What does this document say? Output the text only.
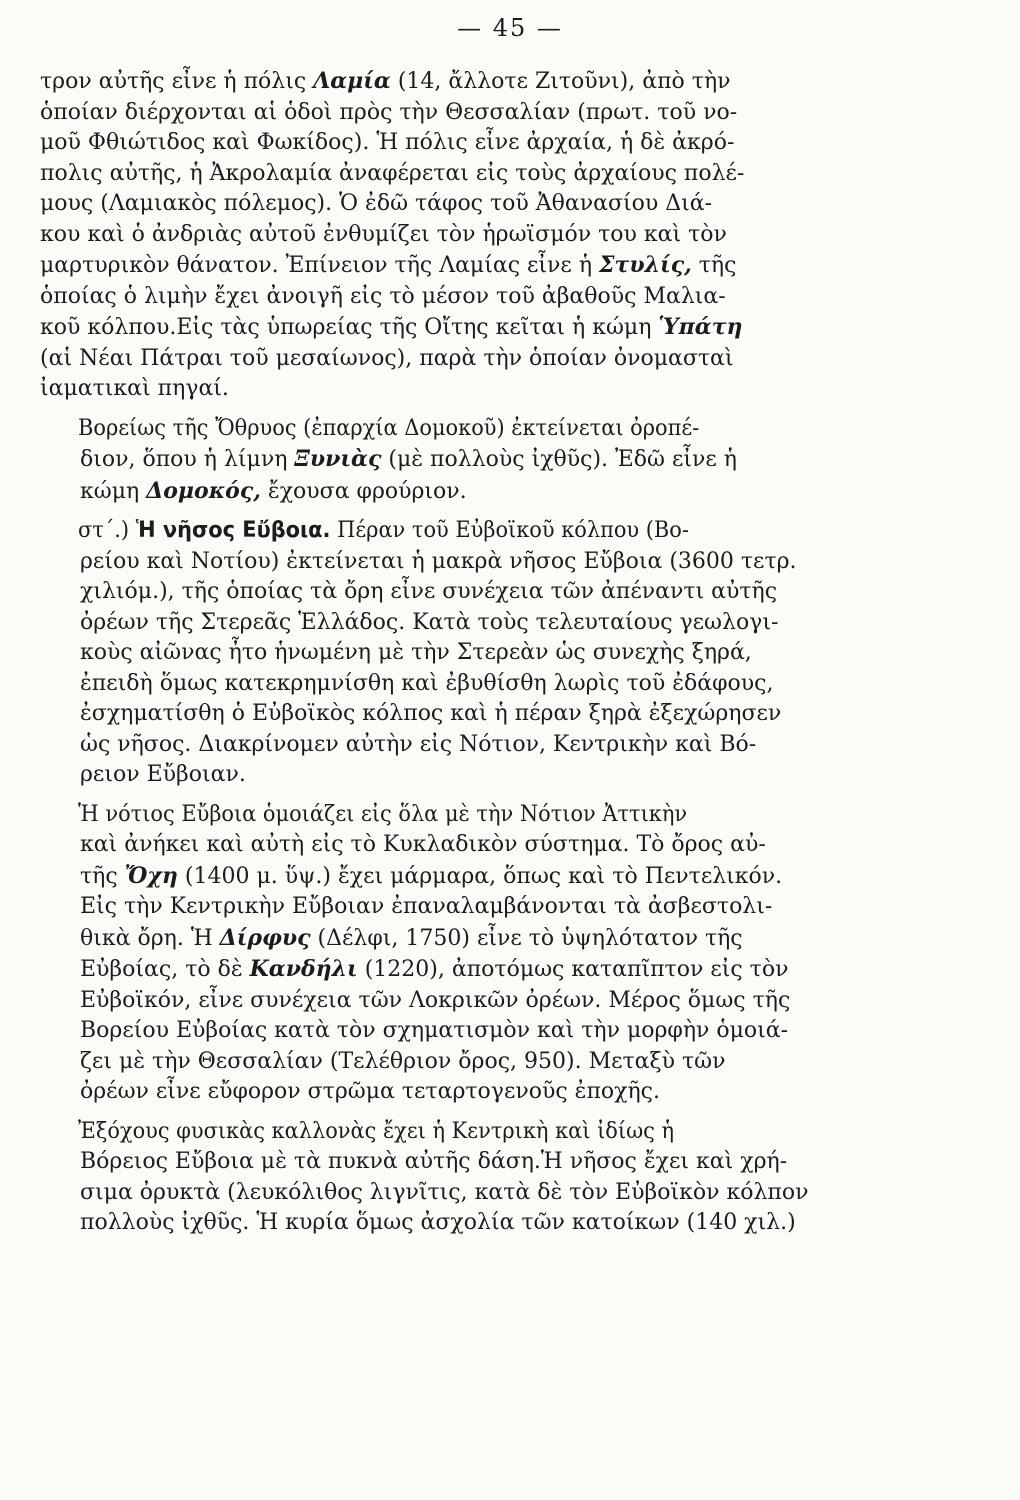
— 45 —
τρον αὐτῆς εἶνε ἡ πόλις Λαμία (14, ἄλλοτε Ζιτοῦνι), ἀπὸ τὴν
ὁποίαν διέρχονται αἱ ὁδοὶ πρὸς τὴν Θεσσαλίαν (πρωτ. τοῦ νο-
μοῦ Φθιώτιδος καὶ Φωκίδος). Ἡ πόλις εἶνε ἀρχαία, ἡ δὲ ἀκρό-
πολις αὐτῆς, ἡ Ἀκρολαμία ἀναφέρεται εἰς τοὺς ἀρχαίους πολέ-
μους (Λαμιακὸς πόλεμος). Ὁ ἐδῶ τάφος τοῦ Ἀθανασίου Διά-
κου καὶ ὁ ἀνδριὰς αὐτοῦ ἐνθυμίζει τὸν ἡρωϊσμόν του καὶ τὸν
μαρτυρικὸν θάνατον. Ἐπίνειον τῆς Λαμίας εἶνε ἡ Στυλίς, τῆς
ὁποίας ὁ λιμὴν ἔχει ἀνοιγῆ εἰς τὸ μέσον τοῦ ἀβαθοῦς Μαλια-
κοῦ κόλπου.Εἰς τὰς ὑπωρείας τῆς Οἴτης κεῖται ἡ κώμη Ὑπάτη
(αἱ Νέαι Πάτραι τοῦ μεσαίωνος), παρὰ τὴν ὁποίαν ὀνομασταὶ
ἰαματικαὶ πηγαί.
Βορείως τῆς Ὄθρυος (ἐπαρχία Δομοκοῦ) ἐκτείνεται ὀροπέ-
διον, ὅπου ἡ λίμνη Ξυνιὰς (μὲ πολλοὺς ἰχθῦς). Ἐδῶ εἶνε ἡ
κώμη Δομοκός, ἔχουσα φρούριον.
στ΄.) Ἡ νῆσος Εὔβοια. Πέραν τοῦ Εὐβοϊκοῦ κόλπου (Βο-
ρείου καὶ Νοτίου) ἐκτείνεται ἡ μακρὰ νῆσος Εὔβοια (3600 τετρ.
χιλιόμ.), τῆς ὁποίας τὰ ὄρη εἶνε συνέχεια τῶν ἀπέναντι αὐτῆς
ὀρέων τῆς Στερεᾶς Ἑλλάδος. Κατὰ τοὺς τελευταίους γεωλογι-
κοὺς αἰῶνας ἦτο ἡνωμένη μὲ τὴν Στερεὰν ὡς συνεχὴς ξηρά,
ἐπειδὴ ὅμως κατεκρημνίσθη καὶ ἐβυθίσθη λωρὶς τοῦ ἐδάφους,
ἐσχηματίσθη ὁ Εὐβοϊκὸς κόλπος καὶ ἡ πέραν ξηρὰ ἐξεχώρησεν
ὡς νῆσος. Διακρίνομεν αὐτὴν εἰς Νότιον, Κεντρικὴν καὶ Βό-
ρειον Εὔβοιαν.
Ἡ νότιος Εὔβοια ὁμοιάζει εἰς ὅλα μὲ τὴν Νότιον Ἀττικὴν
καὶ ἀνήκει καὶ αὐτὴ εἰς τὸ Κυκλαδικὸν σύστημα. Τὸ ὄρος αὐ-
τῆς Ὄχη (1400 μ. ὕψ.) ἔχει μάρμαρα, ὅπως καὶ τὸ Πεντελικόν.
Εἰς τὴν Κεντρικὴν Εὔβοιαν ἐπαναλαμβάνονται τὰ ἀσβεστολι-
θικὰ ὄρη. Ἡ Δίρφυς (Δέλφι, 1750) εἶνε τὸ ὑψηλότατον τῆς
Εὐβοίας, τὸ δὲ Κανδήλι (1220), ἀποτόμως καταπῖπτον εἰς τὸν
Εὐβοϊκόν, εἶνε συνέχεια τῶν Λοκρικῶν ὀρέων. Μέρος ὅμως τῆς
Βορείου Εὐβοίας κατὰ τὸν σχηματισμὸν καὶ τὴν μορφὴν ὁμοιά-
ζει μὲ τὴν Θεσσαλίαν (Τελέθριον ὄρος, 950). Μεταξὺ τῶν
ὀρέων εἶνε εὔφορον στρῶμα τεταρτογενοῦς ἐποχῆς.
Ἐξόχους φυσικὰς καλλονὰς ἔχει ἡ Κεντρικὴ καὶ ἰδίως ἡ
Βόρειος Εὔβοια μὲ τὰ πυκνὰ αὐτῆς δάση.Ἡ νῆσος ἔχει καὶ χρή-
σιμα ὀρυκτὰ (λευκόλιθος λιγνῖτις, κατὰ δὲ τὸν Εὐβοϊκὸν κόλπον
πολλοὺς ἰχθῦς. Ἡ κυρία ὅμως ἀσχολία τῶν κατοίκων (140 χιλ.)
